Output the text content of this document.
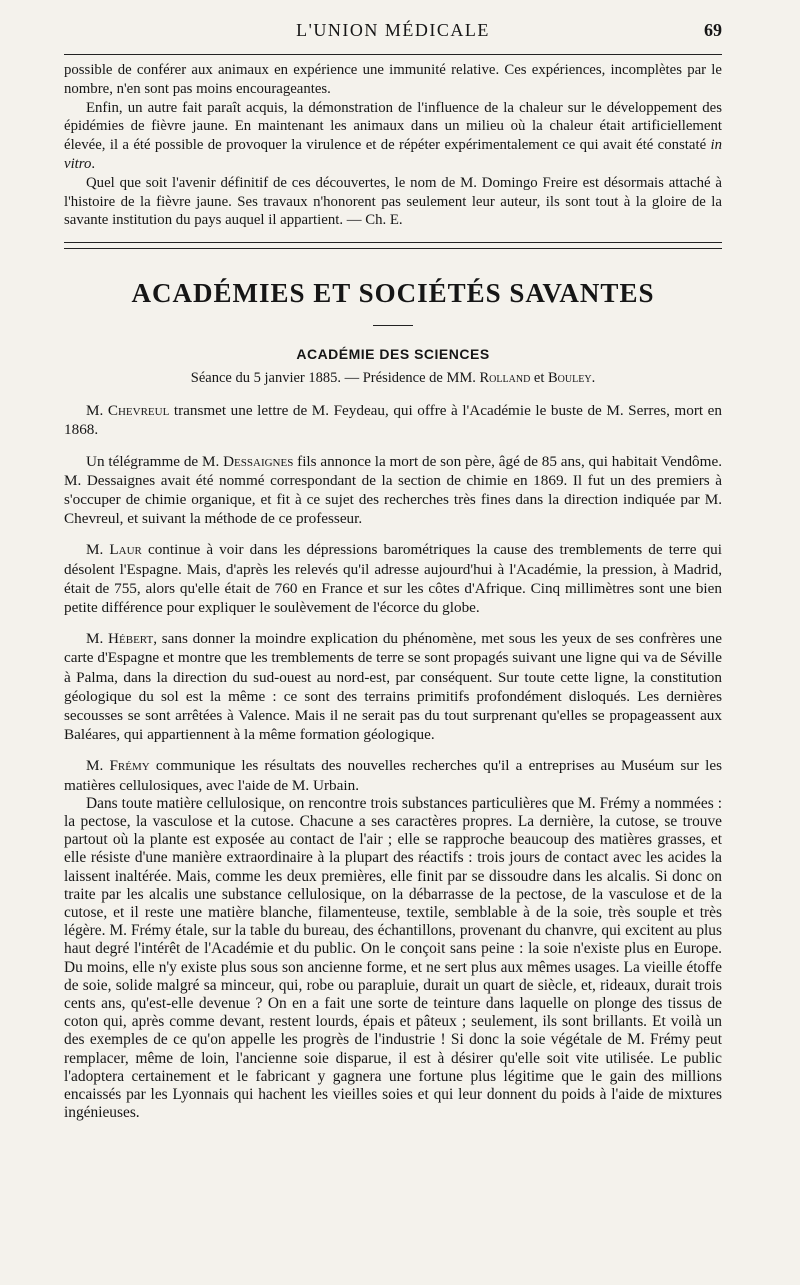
L'UNION MÉDICALE	69

possible de conférer aux animaux en expérience une immunité relative. Ces expériences, incomplètes par le nombre, n'en sont pas moins encourageantes.

Enfin, un autre fait paraît acquis, la démonstration de l'influence de la chaleur sur le développement des épidémies de fièvre jaune. En maintenant les animaux dans un milieu où la chaleur était artificiellement élevée, il a été possible de provoquer la virulence et de répéter expérimentalement ce qui avait été constaté in vitro.

Quel que soit l'avenir définitif de ces découvertes, le nom de M. Domingo Freire est désormais attaché à l'histoire de la fièvre jaune. Ses travaux n'honorent pas seulement leur auteur, ils sont tout à la gloire de la savante institution du pays auquel il appartient. — Ch. E.

ACADÉMIES ET SOCIÉTÉS SAVANTES
ACADÉMIE DES SCIENCES
Séance du 5 janvier 1885. — Présidence de MM. Rolland et Bouley.

M. Chevreul transmet une lettre de M. Feydeau, qui offre à l'Académie le buste de M. Serres, mort en 1868.

Un télégramme de M. Dessaignes fils annonce la mort de son père, âgé de 85 ans, qui habitait Vendôme. M. Dessaignes avait été nommé correspondant de la section de chimie en 1869. Il fut un des premiers à s'occuper de chimie organique, et fit à ce sujet des recherches très fines dans la direction indiquée par M. Chevreul, et suivant la méthode de ce professeur.

M. Laur continue à voir dans les dépressions barométriques la cause des tremblements de terre qui désolent l'Espagne. Mais, d'après les relevés qu'il adresse aujourd'hui à l'Académie, la pression, à Madrid, était de 755, alors qu'elle était de 760 en France et sur les côtes d'Afrique. Cinq millimètres sont une bien petite différence pour expliquer le soulèvement de l'écorce du globe.

M. Hébert, sans donner la moindre explication du phénomène, met sous les yeux de ses confrères une carte d'Espagne et montre que les tremblements de terre se sont propagés suivant une ligne qui va de Séville à Palma, dans la direction du sud-ouest au nord-est, par conséquent. Sur toute cette ligne, la constitution géologique du sol est la même : ce sont des terrains primitifs profondément disloqués. Les dernières secousses se sont arrêtées à Valence. Mais il ne serait pas du tout surprenant qu'elles se propageassent aux Baléares, qui appartiennent à la même formation géologique.

M. Frémy communique les résultats des nouvelles recherches qu'il a entreprises au Muséum sur les matières cellulosiques, avec l'aide de M. Urbain.

Dans toute matière cellulosique, on rencontre trois substances particulières que M. Frémy a nommées : la pectose, la vasculose et la cutose. Chacune a ses caractères propres. La dernière, la cutose, se trouve partout où la plante est exposée au contact de l'air ; elle se rapproche beaucoup des matières grasses, et elle résiste d'une manière extraordinaire à la plupart des réactifs : trois jours de contact avec les acides la laissent inaltérée. Mais, comme les deux premières, elle finit par se dissoudre dans les alcalis. Si donc on traite par les alcalis une substance cellulosique, on la débarrasse de la pectose, de la vasculose et de la cutose, et il reste une matière blanche, filamenteuse, textile, semblable à de la soie, très souple et très légère. M. Frémy étale, sur la table du bureau, des échantillons, provenant du chanvre, qui excitent au plus haut degré l'intérêt de l'Académie et du public. On le conçoit sans peine : la soie n'existe plus en Europe. Du moins, elle n'y existe plus sous son ancienne forme, et ne sert plus aux mêmes usages. La vieille étoffe de soie, solide malgré sa minceur, qui, robe ou parapluie, durait un quart de siècle, et, rideaux, durait trois cents ans, qu'est-elle devenue ? On en a fait une sorte de teinture dans laquelle on plonge des tissus de coton qui, après comme devant, restent lourds, épais et pâteux ; seulement, ils sont brillants. Et voilà un des exemples de ce qu'on appelle les progrès de l'industrie ! Si donc la soie végétale de M. Frémy peut remplacer, même de loin, l'ancienne soie disparue, il est à désirer qu'elle soit vite utilisée. Le public l'adoptera certainement et le fabricant y gagnera une fortune plus légitime que le gain des millions encaissés par les Lyonnais qui hachent les vieilles soies et qui leur donnent du poids à l'aide de mixtures ingénieuses.
